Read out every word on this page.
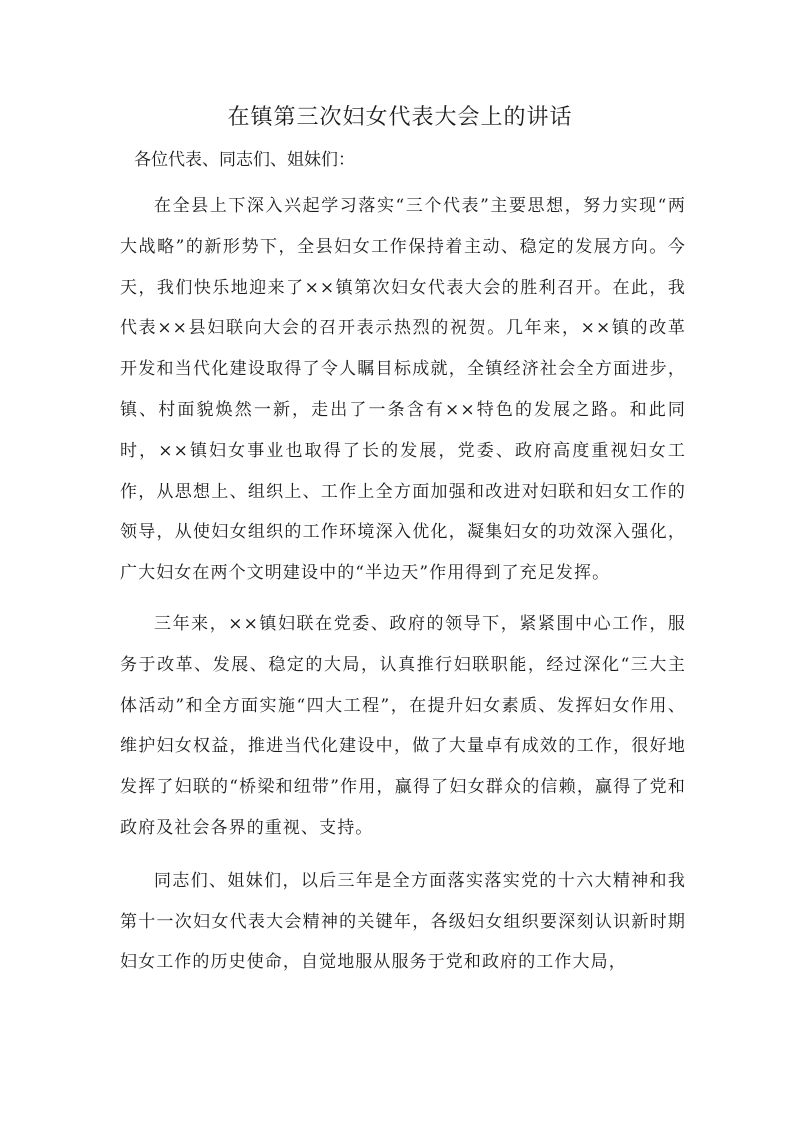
在镇第三次妇女代表大会上的讲话

各位代表、同志们、姐妹们：

在全县上下深入兴起学习落实“三个代表”主要思想，努力实现“两大战略”的新形势下，全县妇女工作保持着主动、稳定的发展方向。今天，我们快乐地迎来了××镇第次妇女代表大会的胜利召开。在此，我代表××县妇联向大会的召开表示热烈的祝贺。几年来，××镇的改革开发和当代化建设取得了令人瞩目标成就，全镇经济社会全方面进步，镇、村面貌焕然一新，走出了一条含有××特色的发展之路。和此同时，××镇妇女事业也取得了长的发展，党委、政府高度重视妇女工作，从思想上、组织上、工作上全方面加强和改进对妇联和妇女工作的领导，从使妇女组织的工作环境深入优化，凝集妇女的功效深入强化，广大妇女在两个文明建设中的“半边天”作用得到了充足发挥。

三年来，××镇妇联在党委、政府的领导下，紧紧围中心工作，服务于改革、发展、稳定的大局，认真推行妇联职能，经过深化“三大主体活动”和全方面实施“四大工程”，在提升妇女素质、发挥妇女作用、维护妇女权益，推进当代化建设中，做了大量卓有成效的工作，很好地发挥了妇联的“桥梁和纽带”作用，赢得了妇女群众的信赖，赢得了党和政府及社会各界的重视、支持。

同志们、姐妹们，以后三年是全方面落实落实党的十六大精神和我第十一次妇女代表大会精神的关键年，各级妇女组织要深刻认识新时期妇女工作的历史使命，自觉地服从服务于党和政府的工作大局，
